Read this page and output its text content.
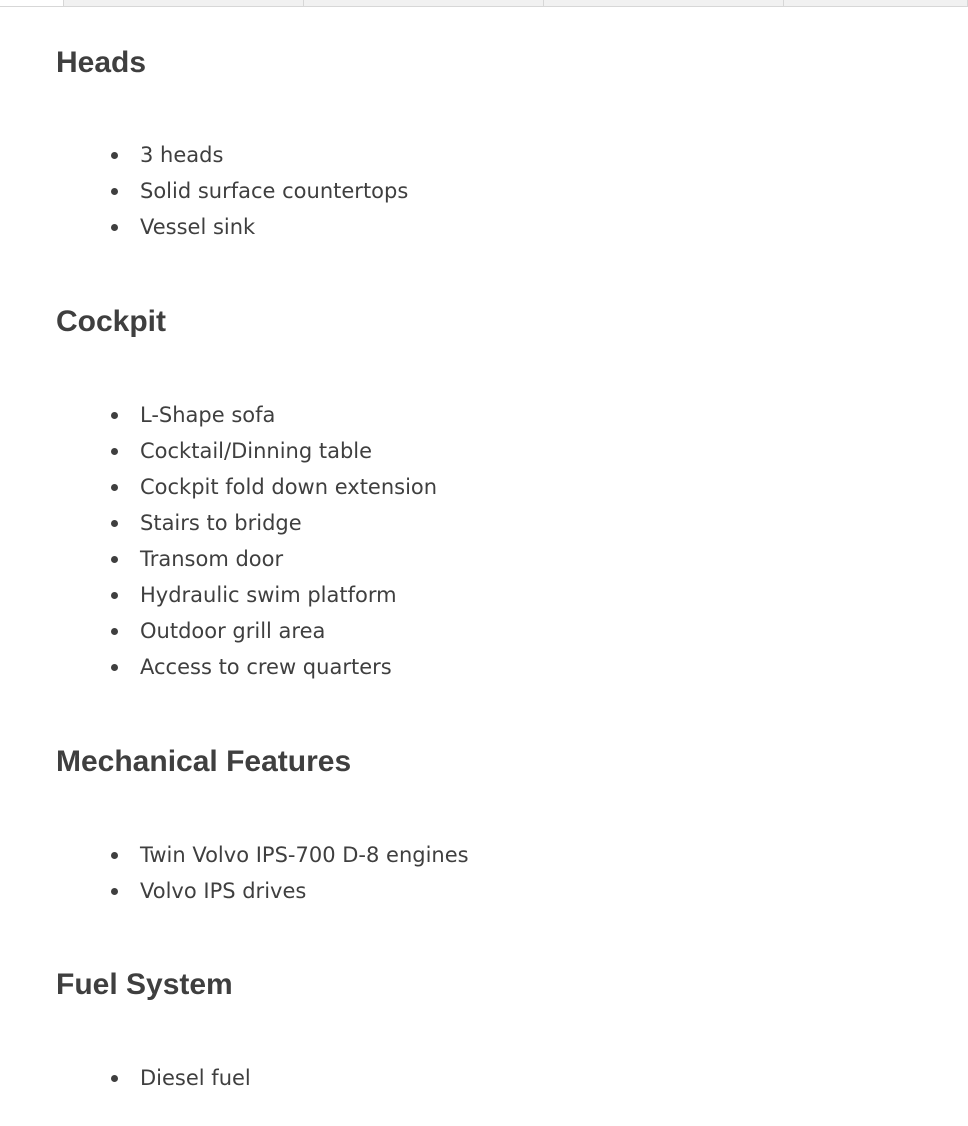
Heads
3 heads
Solid surface countertops
Vessel sink
Cockpit
L-Shape sofa
Cocktail/Dinning table
Cockpit fold down extension
Stairs to bridge
Transom door
Hydraulic swim platform
Outdoor grill area
Access to crew quarters
Mechanical Features
Twin Volvo IPS-700 D-8 engines
Volvo IPS drives
Fuel System
Diesel fuel
